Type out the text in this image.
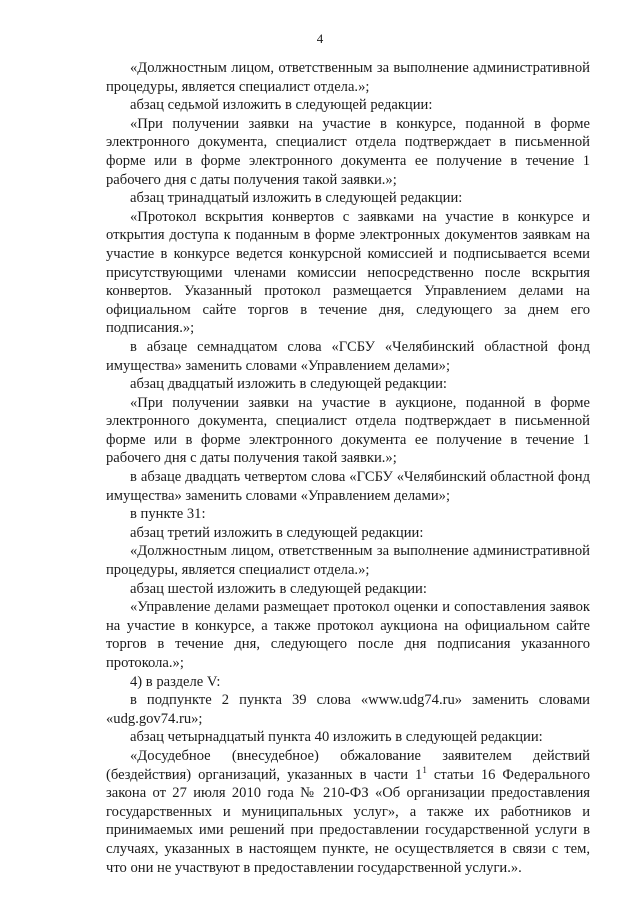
4

«Должностным лицом, ответственным за выполнение административной процедуры, является специалист отдела.»;

абзац седьмой изложить в следующей редакции:

«При получении заявки на участие в конкурсе, поданной в форме электронного документа, специалист отдела подтверждает в письменной форме или в форме электронного документа ее получение в течение 1 рабочего дня с даты получения такой заявки.»;

абзац тринадцатый изложить в следующей редакции:

«Протокол вскрытия конвертов с заявками на участие в конкурсе и открытия доступа к поданным в форме электронных документов заявкам на участие в конкурсе ведется конкурсной комиссией и подписывается всеми присутствующими членами комиссии непосредственно после вскрытия конвертов. Указанный протокол размещается Управлением делами на официальном сайте торгов в течение дня, следующего за днем его подписания.»;

в абзаце семнадцатом слова «ГСБУ «Челябинский областной фонд имущества» заменить словами «Управлением делами»;

абзац двадцатый изложить в следующей редакции:

«При получении заявки на участие в аукционе, поданной в форме электронного документа, специалист отдела подтверждает в письменной форме или в форме электронного документа ее получение в течение 1 рабочего дня с даты получения такой заявки.»;

в абзаце двадцать четвертом слова «ГСБУ «Челябинский областной фонд имущества» заменить словами «Управлением делами»;

в пункте 31:

абзац третий изложить в следующей редакции:

«Должностным лицом, ответственным за выполнение административной процедуры, является специалист отдела.»;

абзац шестой изложить в следующей редакции:

«Управление делами размещает протокол оценки и сопоставления заявок на участие в конкурсе, а также протокол аукциона на официальном сайте торгов в течение дня, следующего после дня подписания указанного протокола.»;

4) в разделе V:

в подпункте 2 пункта 39 слова «www.udg74.ru» заменить словами «udg.gov74.ru»;

абзац четырнадцатый пункта 40 изложить в следующей редакции:

«Досудебное (внесудебное) обжалование заявителем действий (бездействия) организаций, указанных в части $1^1$ статьи 16 Федерального закона от 27 июля 2010 года № 210-ФЗ «Об организации предоставления государственных и муниципальных услуг», а также их работников и принимаемых ими решений при предоставлении государственной услуги в случаях, указанных в настоящем пункте, не осуществляется в связи с тем, что они не участвуют в предоставлении государственной услуги.».
